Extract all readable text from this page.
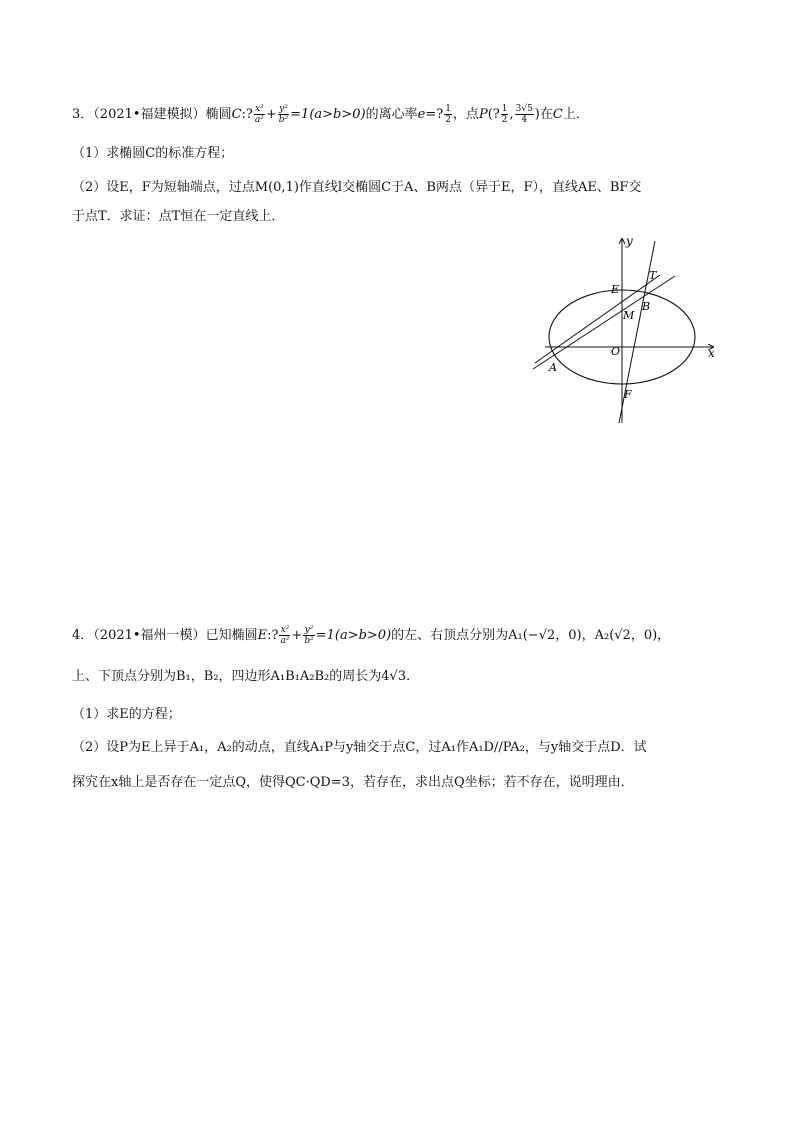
3．（2021•福建模拟）椭圆C:? $\frac{\text{x²}}{\text{a²}} + \frac{\text{y²}}{\text{b²}} =1(a>b>0)$的离心率e=? $\frac{1}{2}$ ，点P(? $\frac{1}{2}$ , $\frac{3√5}{4}$ )在C上．
（1）求椭圆C的标准方程；
（2）设E，F为短轴端点，过点M(0,1)作直线l交椭圆C于A、B两点（异于E，F），直线AE、BF交
于点T．求证：点T恒在一定直线上．
x
y
E
T
B
M
O
A
F
4．（2021•福州一模）已知椭圆E:? $\frac{\text{x²}}{\text{a²}} + \frac{\text{y²}}{\text{b²}} =1(a>b>0)$的左、右顶点分别为A₁(−√2，0)，A₂(√2，0)，
上、下顶点分别为B₁，B₂，四边形A₁B₁A₂B₂的周长为4√3．
（1）求E的方程；
（2）设P为E上异于A₁，A₂的动点，直线A₁P与y轴交于点C，过A₁作A₁D//PA₂，与y轴交于点D．试
探究在x轴上是否存在一定点Q，使得QC·QD=3，若存在，求出点Q坐标；若不存在，说明理由．
